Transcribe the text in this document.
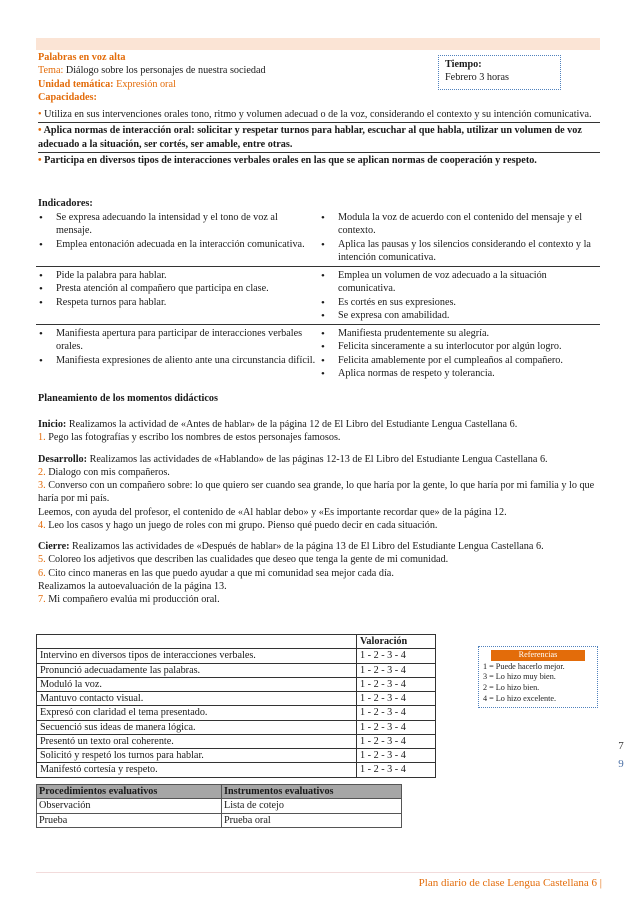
Palabras en voz alta
Tema: Diálogo sobre los personajes de nuestra sociedad
Unidad temática: Expresión oral
Capacidades:
Tiempo:
Febrero 3 horas
• Utiliza en sus intervenciones orales tono, ritmo y volumen adecuad o de la voz, considerando el contexto y su intención comunicativa.
• Aplica normas de interacción oral: solicitar y respetar turnos para hablar, escuchar al que habla, utilizar un volumen de voz adecuado a la situación, ser cortés, ser amable, entre otras.
• Participa en diversos tipos de interacciones verbales orales en las que se aplican normas de cooperación y respeto.
Indicadores:
• Se expresa adecuando la intensidad y el tono de voz al mensaje.
• Emplea entonación adecuada en la interacción comunicativa.
• Modula la voz de acuerdo con el contenido del mensaje y el contexto.
• Aplica las pausas y los silencios considerando el contexto y la intención comunicativa.
• Pide la palabra para hablar.
• Presta atención al compañero que participa en clase.
• Respeta turnos para hablar.
• Emplea un volumen de voz adecuado a la situación comunicativa.
• Es cortés en sus expresiones.
• Se expresa con amabilidad.
• Manifiesta apertura para participar de interacciones verbales orales.
• Manifiesta expresiones de aliento ante una circunstancia difícil.
• Manifiesta prudentemente su alegría.
• Felicita sinceramente a su interlocutor por algún logro.
• Felicita amablemente por el cumpleaños al compañero.
• Aplica normas de respeto y tolerancia.
Planeamiento de los momentos didácticos

Inicio: Realizamos la actividad de «Antes de hablar» de la página 12 de El Libro del Estudiante Lengua Castellana 6.

1. Pego las fotografías y escribo los nombres de estos personajes famosos.

Desarrollo: Realizamos las actividades de «Hablando» de las páginas 12-13 de El Libro del Estudiante Lengua Castellana 6.

2. Dialogo con mis compañeros.

3. Converso con un compañero sobre: lo que quiero ser cuando sea grande, lo que haría por la gente, lo que haría por mi familia y lo que haría por mi país.

Leemos, con ayuda del profesor, el contenido de «Al hablar debo» y «Es importante recordar que» de la página 12.

4. Leo los casos y hago un juego de roles con mi grupo. Pienso qué puedo decir en cada situación.

Cierre: Realizamos las actividades de «Después de hablar» de la página 13 de El Libro del Estudiante Lengua Castellana 6.

5. Coloreo los adjetivos que describen las cualidades que deseo que tenga la gente de mi comunidad.

6. Cito cinco maneras en las que puedo ayudar a que mi comunidad sea mejor cada día.

Realizamos la autoevaluación de la página 13.

7. Mi compañero evalúa mi producción oral.

	Valoración
Intervino en diversos tipos de interacciones verbales.	1 - 2 - 3 - 4
Pronunció adecuadamente las palabras.	1 - 2 - 3 - 4
Moduló la voz.	1 - 2 - 3 - 4
Mantuvo contacto visual.	1 - 2 - 3 - 4
Expresó con claridad el tema presentado.	1 - 2 - 3 - 4
Secuenció sus ideas de manera lógica.	1 - 2 - 3 - 4
Presentó un texto oral coherente.	1 - 2 - 3 - 4
Solicitó y respetó los turnos para hablar.	1 - 2 - 3 - 4
Manifestó cortesía y respeto.	1 - 2 - 3 - 4
Referencias
1 = Puede hacerlo mejor.
3 = Lo hizo muy bien.
2 = Lo hizo bien.
4 = Lo hizo excelente.
7
9
Procedimientos evaluativos	Instrumentos evaluativos
Observación	Lista de cotejo
Prueba	Prueba oral
Plan diario de clase Lengua Castellana 6 |
